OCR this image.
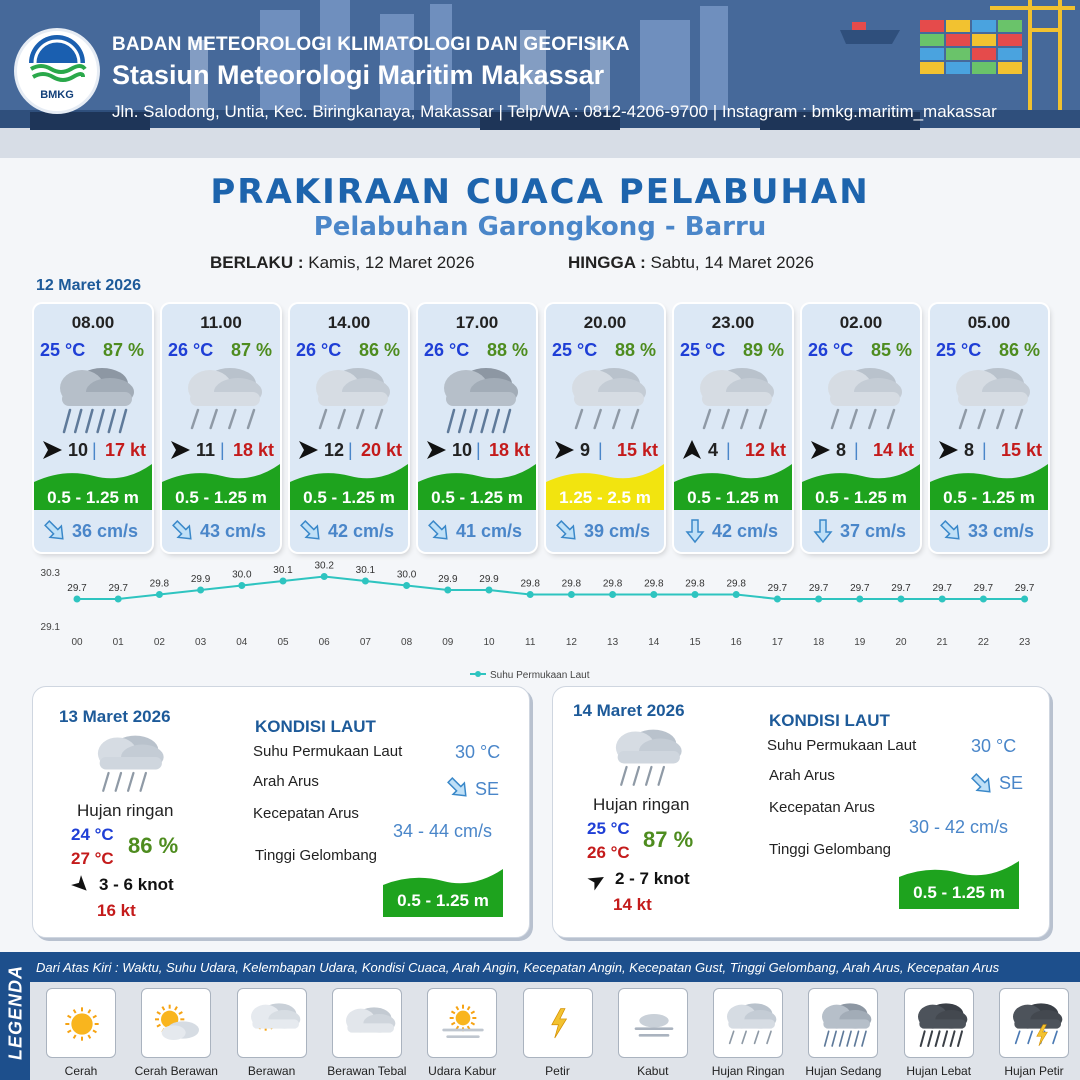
BMKG
BADAN METEOROLOGI KLIMATOLOGI DAN GEOFISIKA
Stasiun Meteorologi Maritim Makassar
Jln. Salodong, Untia, Kec. Biringkanaya, Makassar | Telp/WA : 0812-4206-9700 | Instagram : bmkg.maritim_makassar
PRAKIRAAN CUACA PELABUHAN
Pelabuhan Garongkong - Barru
BERLAKU : Kamis, 12 Maret 2026	HINGGA : Sabtu, 14 Maret 2026
12 Maret 2026
08.00
25 °C 87 %
10 | 17 kt
0.5 - 1.25 m
36 cm/s
11.00
26 °C 87 %
11 | 18 kt
0.5 - 1.25 m
43 cm/s
14.00
26 °C 86 %
12 | 20 kt
0.5 - 1.25 m
42 cm/s
17.00
26 °C 88 %
10 | 18 kt
0.5 - 1.25 m
41 cm/s
20.00
25 °C 88 %
9 | 15 kt
1.25 - 2.5 m
39 cm/s
23.00
25 °C 89 %
4 | 12 kt
0.5 - 1.25 m
42 cm/s
02.00
26 °C 85 %
8 | 14 kt
0.5 - 1.25 m
37 cm/s
05.00
25 °C 86 %
8 | 15 kt
0.5 - 1.25 m
33 cm/s
30.3
29.1
29.7
00
29.7
01
29.8
02
29.9
03
30.0
04
30.1
05
30.2
06
30.1
07
30.0
08
29.9
09
29.9
10
29.8
11
29.8
12
29.8
13
29.8
14
29.8
15
29.8
16
29.7
17
29.7
18
29.7
19
29.7
20
29.7
21
29.7
22
29.7
23
Suhu Permukaan Laut
13 Maret 2026
Hujan ringan
24 °C
27 °C
86 %
3 - 6 knot
16 kt
KONDISI LAUT
Suhu Permukaan Laut	30 °C
Arah Arus	SE
Kecepatan Arus
34 - 44 cm/s
Tinggi Gelombang
0.5 - 1.25 m
14 Maret 2026
Hujan ringan
25 °C
26 °C
87 %
2 - 7 knot
14 kt
KONDISI LAUT
Suhu Permukaan Laut	30 °C
Arah Arus	SE
Kecepatan Arus
30 - 42 cm/s
Tinggi Gelombang
0.5 - 1.25 m
LEGENDA Dari Atas Kiri : Waktu, Suhu Udara, Kelembapan Udara, Kondisi Cuaca, Arah Angin, Kecepatan Angin, Kecepatan Gust, Tinggi Gelombang, Arah Arus, Kecepatan Arus
Cerah	Cerah Berawan	Berawan	Berawan Tebal	Udara Kabur	Petir	Kabut	Hujan Ringan	Hujan Sedang	Hujan Lebat	Hujan Petir
